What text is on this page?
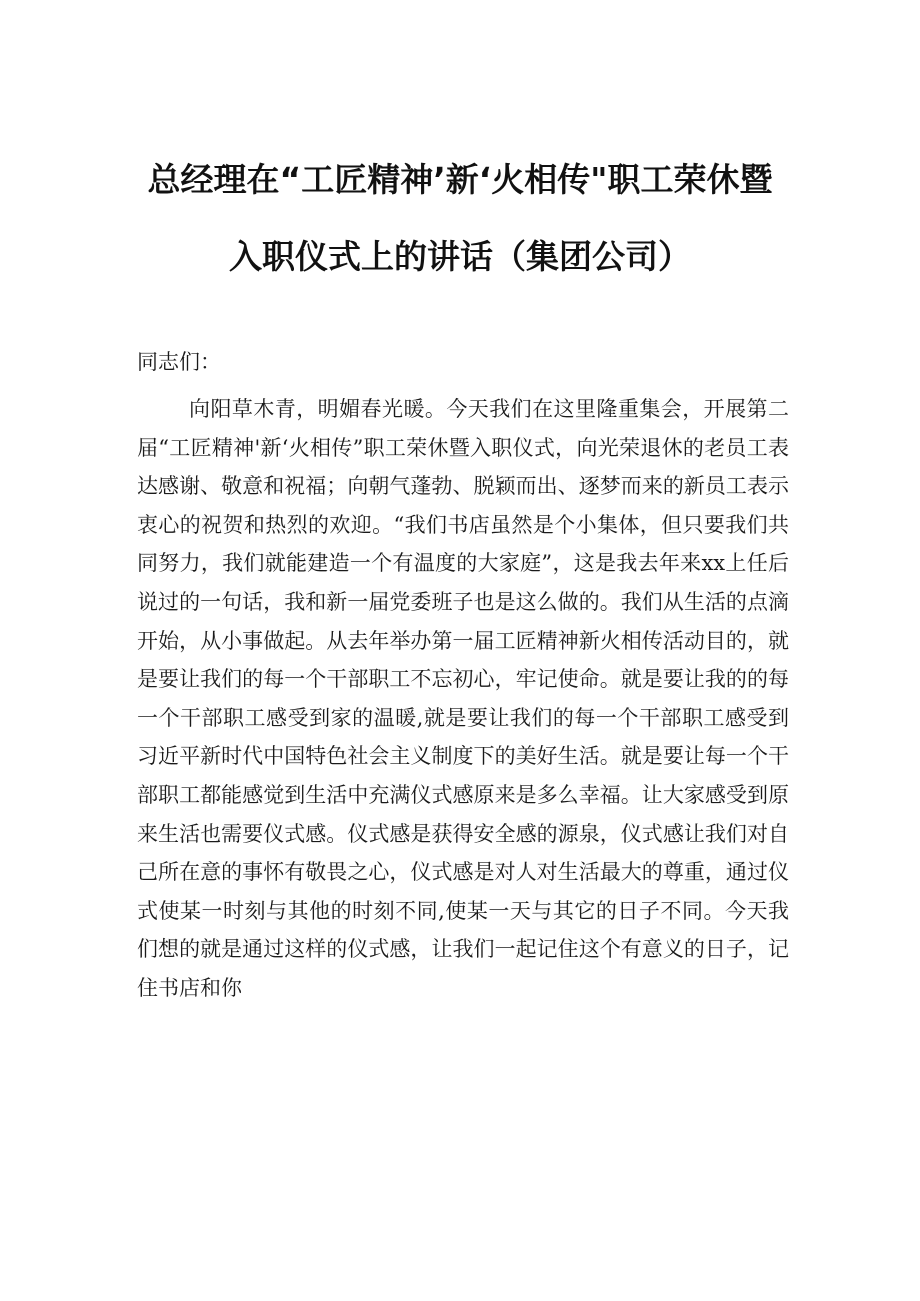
总经理在“工匠精神’新‘火相传"职工荣休暨
入职仪式上的讲话（集团公司）
同志们：
向阳草木青，明媚春光暖。今天我们在这里隆重集会，开展第二届“工匠精神'新‘火相传”职工荣休暨入职仪式，向光荣退休的老员工表达感谢、敬意和祝福；向朝气蓬勃、脱颖而出、逐梦而来的新员工表示衷心的祝贺和热烈的欢迎。“我们书店虽然是个小集体，但只要我们共同努力，我们就能建造一个有温度的大家庭”，这是我去年来xx上任后说过的一句话，我和新一届党委班子也是这么做的。我们从生活的点滴开始，从小事做起。从去年举办第一届工匠精神新火相传活动目的，就是要让我们的每一个干部职工不忘初心，牢记使命。就是要让我的的每一个干部职工感受到家的温暖,就是要让我们的每一个干部职工感受到习近平新时代中国特色社会主义制度下的美好生活。就是要让每一个干部职工都能感觉到生活中充满仪式感原来是多么幸福。让大家感受到原来生活也需要仪式感。仪式感是获得安全感的源泉，仪式感让我们对自己所在意的事怀有敬畏之心，仪式感是对人对生活最大的尊重，通过仪式使某一时刻与其他的时刻不同,使某一天与其它的日子不同。今天我们想的就是通过这样的仪式感，让我们一起记住这个有意义的日子，记住书店和你
